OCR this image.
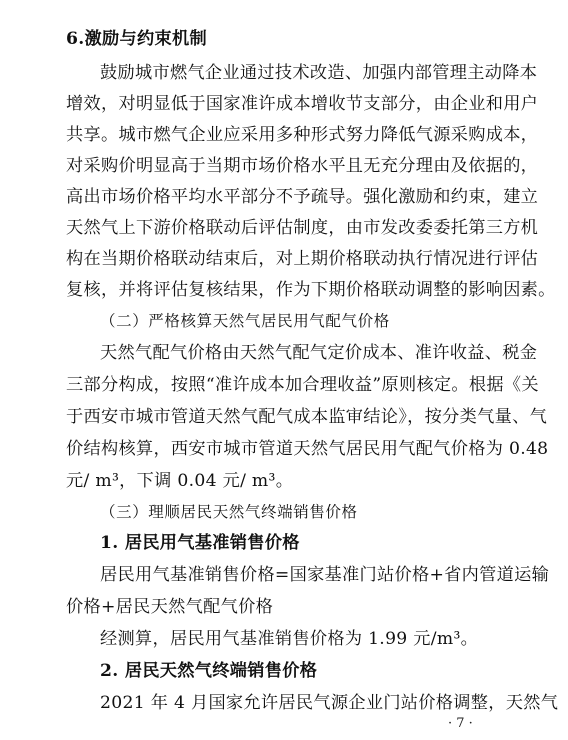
6.激励与约束机制
鼓励城市燃气企业通过技术改造、加强内部管理主动降本
增效，对明显低于国家准许成本增收节支部分，由企业和用户
共享。城市燃气企业应采用多种形式努力降低气源采购成本，
对采购价明显高于当期市场价格水平且无充分理由及依据的，
高出市场价格平均水平部分不予疏导。强化激励和约束，建立
天然气上下游价格联动后评估制度，由市发改委委托第三方机
构在当期价格联动结束后，对上期价格联动执行情况进行评估
复核，并将评估复核结果，作为下期价格联动调整的影响因素。
（二）严格核算天然气居民用气配气价格
天然气配气价格由天然气配气定价成本、准许收益、税金
三部分构成，按照“准许成本加合理收益”原则核定。根据《关
于西安市城市管道天然气配气成本监审结论》，按分类气量、气
价结构核算，西安市城市管道天然气居民用气配气价格为 0.48
元/ m³，下调 0.04 元/ m³。
（三）理顺居民天然气终端销售价格
1. 居民用气基准销售价格
居民用气基准销售价格=国家基准门站价格+省内管道运输
价格+居民天然气配气价格
经测算，居民用气基准销售价格为 1.99 元/m³。
2. 居民天然气终端销售价格
2021 年 4 月国家允许居民气源企业门站价格调整，天然气
· 7 ·
